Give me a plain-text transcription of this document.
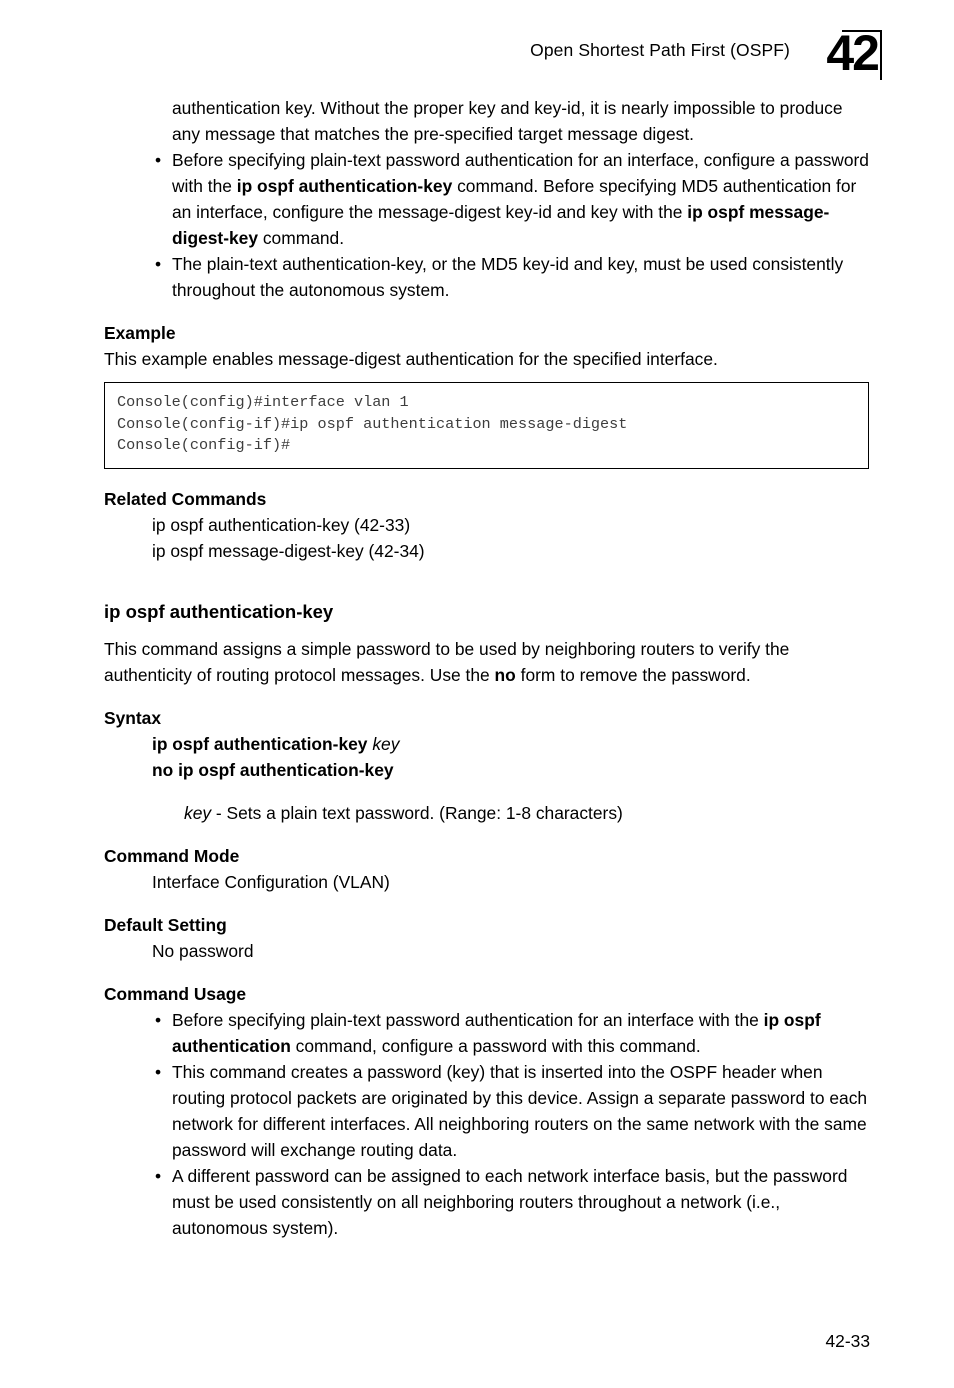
Open Shortest Path First (OSPF) 42

authentication key. Without the proper key and key-id, it is nearly impossible to produce any message that matches the pre-specified target message digest.

• Before specifying plain-text password authentication for an interface, configure a password with the ip ospf authentication-key command. Before specifying MD5 authentication for an interface, configure the message-digest key-id and key with the ip ospf message-digest-key command.
• The plain-text authentication-key, or the MD5 key-id and key, must be used consistently throughout the autonomous system.
Example

This example enables message-digest authentication for the specified interface.

Console(config)#interface vlan 1
Console(config-if)#ip ospf authentication message-digest
Console(config-if)#
Related Commands
ip ospf authentication-key (42-33)
ip ospf message-digest-key (42-34)
ip ospf authentication-key

This command assigns a simple password to be used by neighboring routers to verify the authenticity of routing protocol messages. Use the no form to remove the password.

Syntax
ip ospf authentication-key key
no ip ospf authentication-key
key - Sets a plain text password. (Range: 1-8 characters)
Command Mode
Interface Configuration (VLAN)
Default Setting
No password
Command Usage
• Before specifying plain-text password authentication for an interface with the ip ospf authentication command, configure a password with this command.
• This command creates a password (key) that is inserted into the OSPF header when routing protocol packets are originated by this device. Assign a separate password to each network for different interfaces. All neighboring routers on the same network with the same password will exchange routing data.
• A different password can be assigned to each network interface basis, but the password must be used consistently on all neighboring routers throughout a network (i.e., autonomous system).
42-33
